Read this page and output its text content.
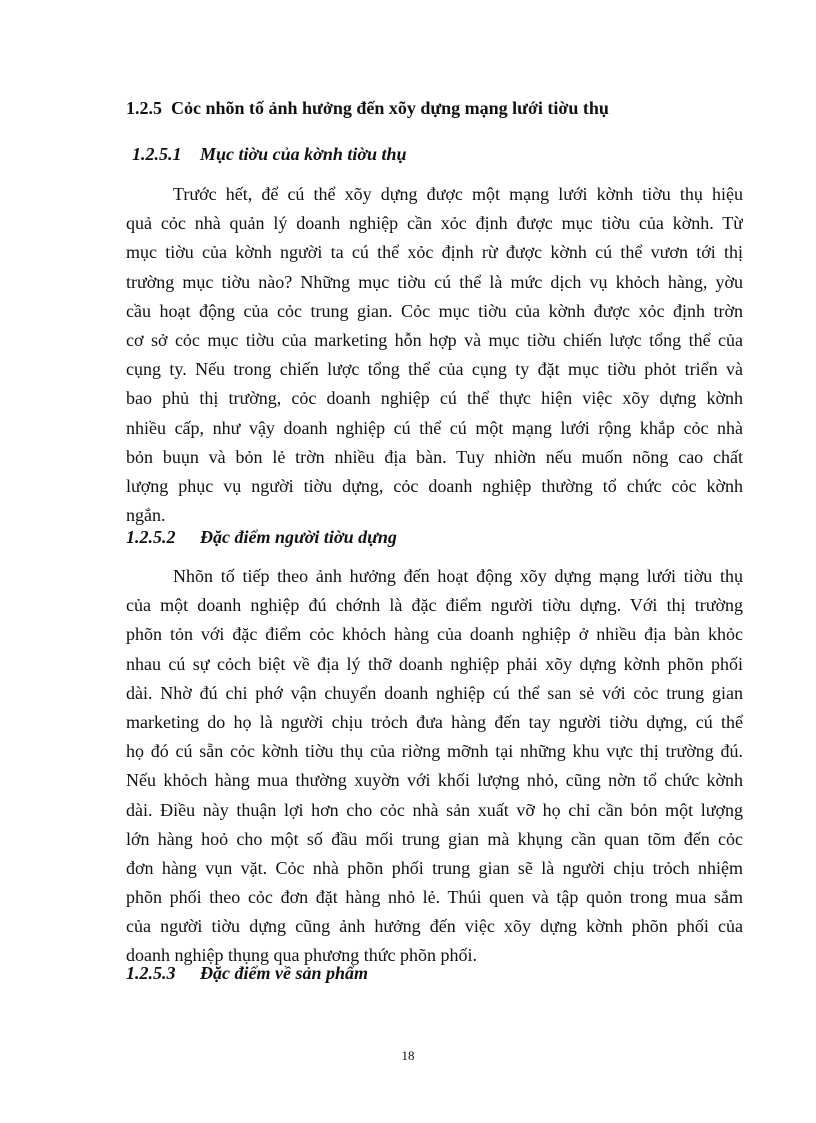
1.2.5 Cỏc nhõn tố ảnh hưởng đến xõy dựng mạng lưới tiờu thụ
1.2.5.1 Mục tiờu của kờnh tiờu thụ
Trước hết, để cú thể xõy dựng được một mạng lưới kờnh tiờu thụ hiệu
quả cỏc nhà quản lý doanh nghiệp cần xỏc định được mục tiờu của kờnh. Từ
mục tiờu của kờnh người ta cú thể xỏc định rừ được kờnh cú thể vươn tới thị
trường mục tiờu nào? Những mục tiờu cú thể là mức dịch vụ khỏch hàng, yờu
cầu hoạt động của cỏc trung gian. Cỏc mục tiờu của kờnh được xỏc định trờn
cơ sở cỏc mục tiờu của marketing hỗn hợp và mục tiờu chiến lược tổng thể của
cụng ty. Nếu trong chiến lược tổng thể của cụng ty đặt mục tiờu phỏt triển và
bao phủ thị trường, cỏc doanh nghiệp cú thể thực hiện việc xõy dựng kờnh
nhiều cấp, như vậy doanh nghiệp cú thể cú một mạng lưới rộng khắp cỏc nhà
bỏn buụn và bỏn lẻ trờn nhiều địa bàn. Tuy nhiờn nếu muốn nõng cao chất
lượng phục vụ người tiờu dựng, cỏc doanh nghiệp thường tổ chức cỏc kờnh
ngắn.
1.2.5.2 Đặc điểm người tiờu dựng
Nhõn tố tiếp theo ảnh hưởng đến hoạt động xõy dựng mạng lưới tiờu thụ
của một doanh nghiệp đú chớnh là đặc điểm người tiờu dựng. Với thị trường
phõn tỏn với đặc điểm cỏc khỏch hàng của doanh nghiệp ở nhiều địa bàn khỏc
nhau cú sự cỏch biệt về địa lý thỡ doanh nghiệp phải xõy dựng kờnh phõn phối
dài. Nhờ đú chi phớ vận chuyển doanh nghiệp cú thể san sẻ với cỏc trung gian
marketing do họ là người chịu trỏch đưa hàng đến tay người tiờu dựng, cú thể
họ đó cú sẵn cỏc kờnh tiờu thụ của riờng mỡnh tại những khu vực thị trường đú.
Nếu khỏch hàng mua thường xuyờn với khối lượng nhỏ, cũng nờn tổ chức kờnh
dài. Điều này thuận lợi hơn cho cỏc nhà sản xuất vỡ họ chỉ cần bỏn một lượng
lớn hàng hoỏ cho một số đầu mối trung gian mà khụng cần quan tõm đến cỏc
đơn hàng vụn vặt. Cỏc nhà phõn phối trung gian sẽ là người chịu trỏch nhiệm
phõn phối theo cỏc đơn đặt hàng nhỏ lẻ. Thúi quen và tập quỏn trong mua sắm
của người tiờu dựng cũng ảnh hưởng đến việc xõy dựng kờnh phõn phối của
doanh nghiệp thụng qua phương thức phõn phối.
1.2.5.3 Đặc điểm về sản phẩm

18
